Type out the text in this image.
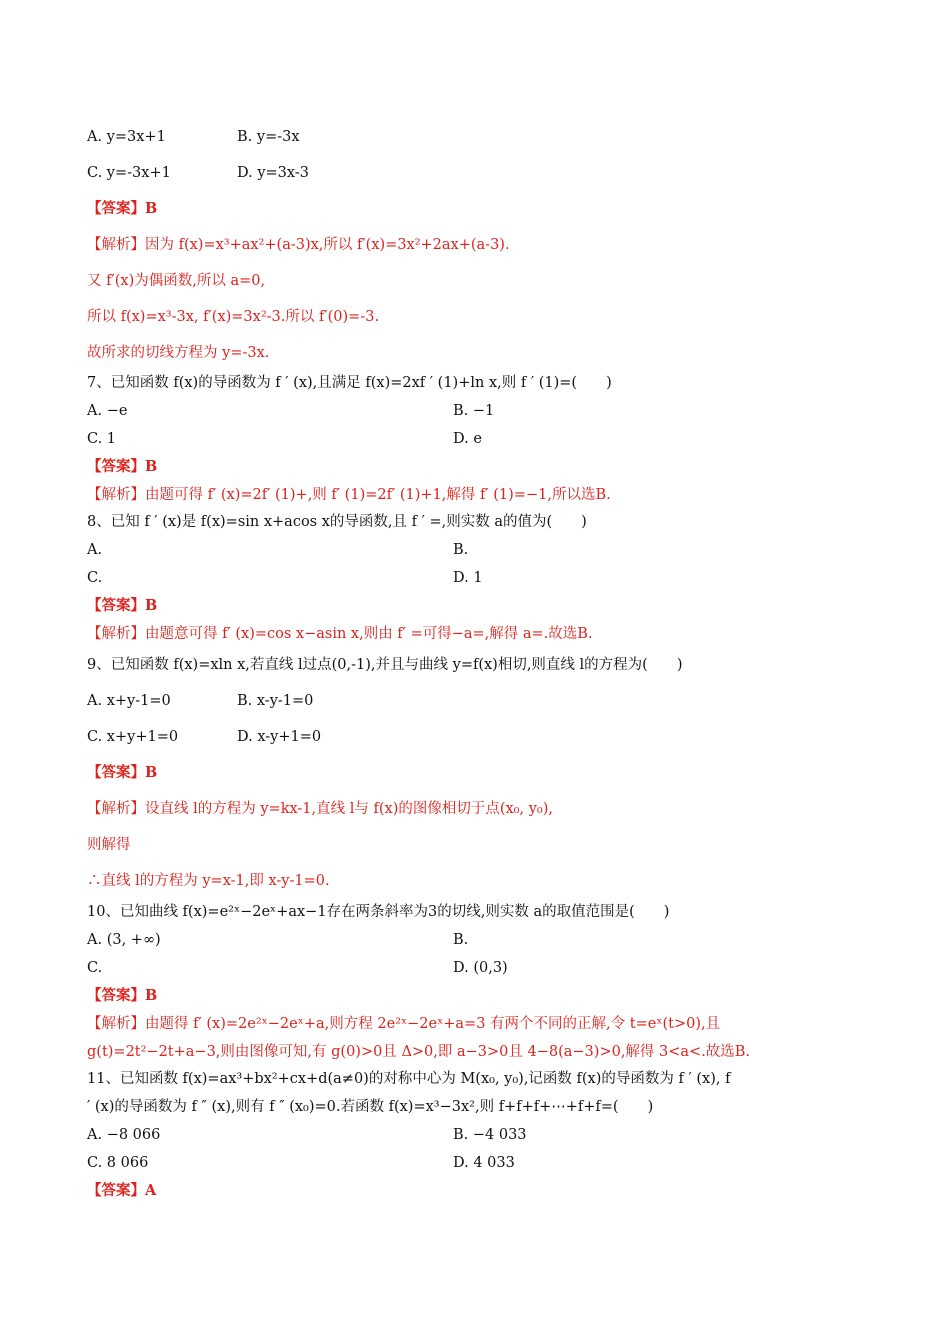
A. y=3x+1	B. y=-3x
C. y=-3x+1	D. y=3x-3
【答案】B
【解析】因为 f(x)=x³+ax²+(a-3)x,所以 f′(x)=3x²+2ax+(a-3).
又 f′(x)为偶函数,所以 a=0,
所以 f(x)=x³-3x, f′(x)=3x²-3.所以 f′(0)=-3.
故所求的切线方程为 y=-3x.
7、已知函数 f(x)的导函数为 f ′ (x),且满足 f(x)=2xf ′ (1)+ln x,则 f ′ (1)=(　　)
A. −e	B. −1
C. 1	D. e
【答案】B
【解析】由题可得 f′ (x)=2f′ (1)+,则 f′ (1)=2f′ (1)+1,解得 f′ (1)=−1,所以选B.
8、已知 f ′ (x)是 f(x)=sin x+acos x的导函数,且 f ′ =,则实数 a的值为(　　)
A.	B.
C.	D. 1
【答案】B
【解析】由题意可得 f′ (x)=cos x−asin x,则由 f′ =可得−a=,解得 a=.故选B.
9、已知函数 f(x)=xln x,若直线 l过点(0,-1),并且与曲线 y=f(x)相切,则直线 l的方程为(　　)
A. x+y-1=0	B. x-y-1=0
C. x+y+1=0	D. x-y+1=0
【答案】B
【解析】设直线 l的方程为 y=kx-1,直线 l与 f(x)的图像相切于点(x₀, y₀),
则解得
∴直线 l的方程为 y=x-1,即 x-y-1=0.
10、已知曲线 f(x)=e²ˣ−2eˣ+ax−1存在两条斜率为3的切线,则实数 a的取值范围是(　　)
A. (3, +∞)	B.
C.	D. (0,3)
【答案】B
【解析】由题得 f′ (x)=2e²ˣ−2eˣ+a,则方程 2e²ˣ−2eˣ+a=3 有两个不同的正解,令 t=eˣ(t>0),且
g(t)=2t²−2t+a−3,则由图像可知,有 g(0)>0且 Δ>0,即 a−3>0且 4−8(a−3)>0,解得 3<a<.故选B.
11、已知函数 f(x)=ax³+bx²+cx+d(a≠0)的对称中心为 M(x₀, y₀),记函数 f(x)的导函数为 f ′ (x), f
′ (x)的导函数为 f ″ (x),则有 f ″ (x₀)=0.若函数 f(x)=x³−3x²,则 f+f+f+⋯+f+f=(　　)
A. −8 066	B. −4 033
C. 8 066	D. 4 033
【答案】A
